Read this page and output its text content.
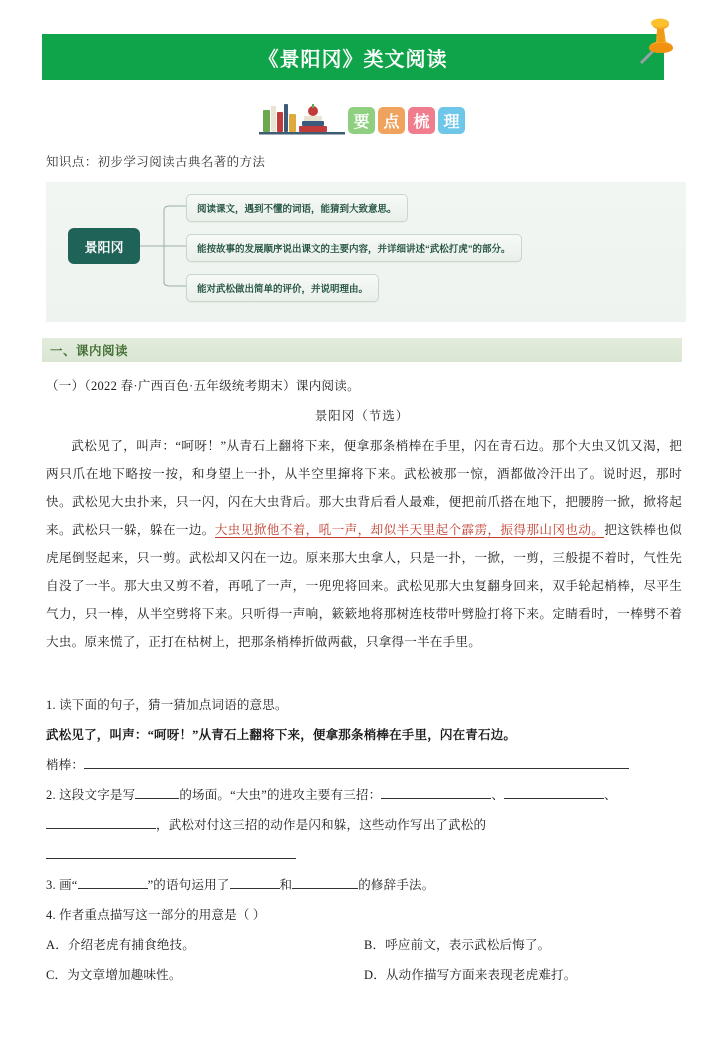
《景阳冈》类文阅读
要 点 梳 理
知识点：初步学习阅读古典名著的方法
景阳冈
阅读课文，遇到不懂的词语，能猜到大致意思。
能按故事的发展顺序说出课文的主要内容，并详细讲述“武松打虎”的部分。
能对武松做出简单的评价，并说明理由。
一、课内阅读
（一）（2022 春·广西百色·五年级统考期末）课内阅读。
景阳冈（节选）
武松见了，叫声：“呵呀！”从青石上翻将下来，便拿那条梢棒在手里，闪在青石边。那个大虫又饥又渴，把两只爪在地下略按一按，和身望上一扑，从半空里撺将下来。武松被那一惊，酒都做冷汗出了。说时迟，那时快。武松见大虫扑来，只一闪，闪在大虫背后。那大虫背后看人最难，便把前爪搭在地下，把腰胯一掀，掀将起来。武松只一躲，躲在一边。大虫见掀他不着，吼一声，却似半天里起个霹雳，振得那山冈也动。把这铁棒也似虎尾倒竖起来，只一剪。武松却又闪在一边。原来那大虫拿人，只是一扑，一掀，一剪，三般提不着时，气性先自没了一半。那大虫又剪不着，再吼了一声，一兜兜将回来。武松见那大虫复翻身回来，双手轮起梢棒，尽平生气力，只一棒，从半空劈将下来。只听得一声响，簌簌地将那树连枝带叶劈脸打将下来。定睛看时，一棒劈不着大虫。原来慌了，正打在枯树上，把那条梢棒折做两截，只拿得一半在手里。
1. 读下面的句子，猜一猜加点词语的意思。
武松见了，叫声：“呵呀！”从青石上翻将下来，便拿那条梢棒在手里，闪在青石边。
梢棒：
2. 这段文字是写	的场面。“大虫”的进攻主要有三招：	、	、
，武松对付这三招的动作是闪和躲，这些动作写出了武松的
3. 画“	”的语句运用了	和	的修辞手法。
4. 作者重点描写这一部分的用意是（ ）
A．介绍老虎有捕食绝技。	B．呼应前文，表示武松后悔了。
C．为文章增加趣味性。	D．从动作描写方面来表现老虎难打。
